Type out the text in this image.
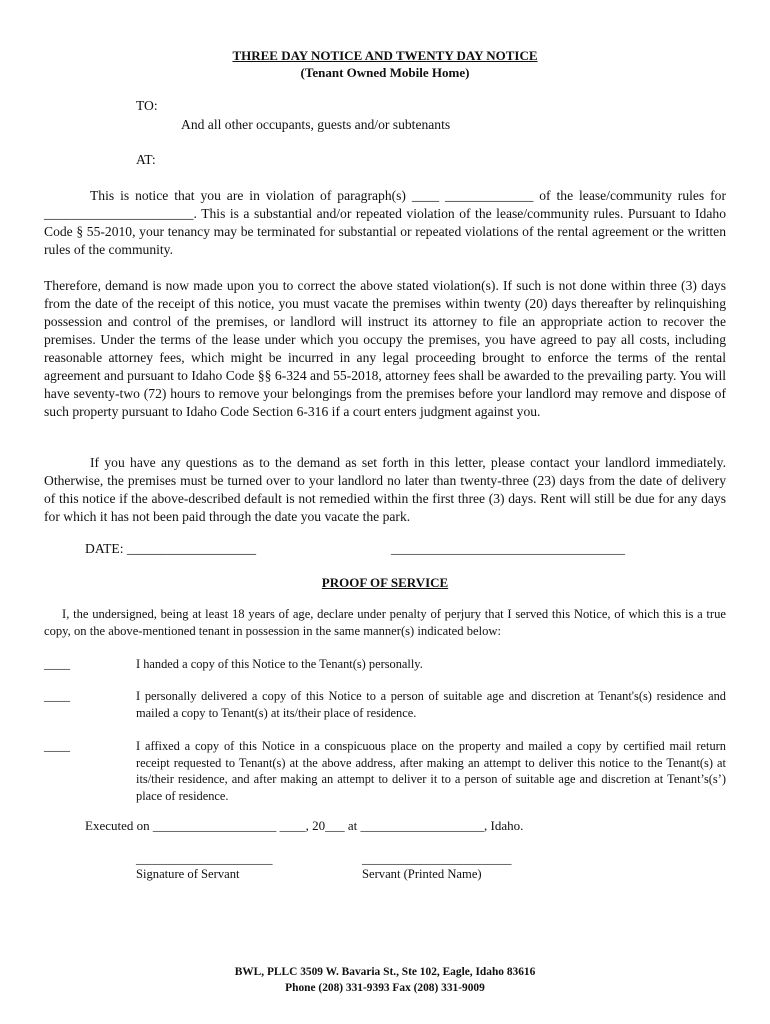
THREE DAY NOTICE AND TWENTY DAY NOTICE
(Tenant Owned Mobile Home)
TO:
And all other occupants, guests and/or subtenants
AT:
This is notice that you are in violation of paragraph(s) ____ _____________ of the lease/community rules for ______________________. This is a substantial and/or repeated violation of the lease/community rules. Pursuant to Idaho Code § 55-2010, your tenancy may be terminated for substantial or repeated violations of the rental agreement or the written rules of the community.
Therefore, demand is now made upon you to correct the above stated violation(s). If such is not done within three (3) days from the date of the receipt of this notice, you must vacate the premises within twenty (20) days thereafter by relinquishing possession and control of the premises, or landlord will instruct its attorney to file an appropriate action to recover the premises. Under the terms of the lease under which you occupy the premises, you have agreed to pay all costs, including reasonable attorney fees, which might be incurred in any legal proceeding brought to enforce the terms of the rental agreement and pursuant to Idaho Code §§ 6-324 and 55-2018, attorney fees shall be awarded to the prevailing party. You will have seventy-two (72) hours to remove your belongings from the premises before your landlord may remove and dispose of such property pursuant to Idaho Code Section 6-316 if a court enters judgment against you.
If you have any questions as to the demand as set forth in this letter, please contact your landlord immediately. Otherwise, the premises must be turned over to your landlord no later than twenty-three (23) days from the date of delivery of this notice if the above-described default is not remedied within the first three (3) days. Rent will still be due for any days for which it has not been paid through the date you vacate the park.
DATE: ___________________	____________________________________
PROOF OF SERVICE
I, the undersigned, being at least 18 years of age, declare under penalty of perjury that I served this Notice, of which this is a true copy, on the above-mentioned tenant in possession in the same manner(s) indicated below:
____	I handed a copy of this Notice to the Tenant(s) personally.
____	I personally delivered a copy of this Notice to a person of suitable age and discretion at Tenant's(s) residence and mailed a copy to Tenant(s) at its/their place of residence.
____	I affixed a copy of this Notice in a conspicuous place on the property and mailed a copy by certified mail return receipt requested to Tenant(s) at the above address, after making an attempt to deliver this notice to the Tenant(s) at its/their residence, and after making an attempt to deliver it to a person of suitable age and discretion at Tenant’s(s’) place of residence.
Executed on ___________________ ____, 20___ at ___________________, Idaho.
_____________________
Signature of Servant
_______________________
Servant (Printed Name)
BWL, PLLC 3509 W. Bavaria St., Ste 102, Eagle, Idaho 83616
Phone (208) 331-9393 Fax (208) 331-9009
